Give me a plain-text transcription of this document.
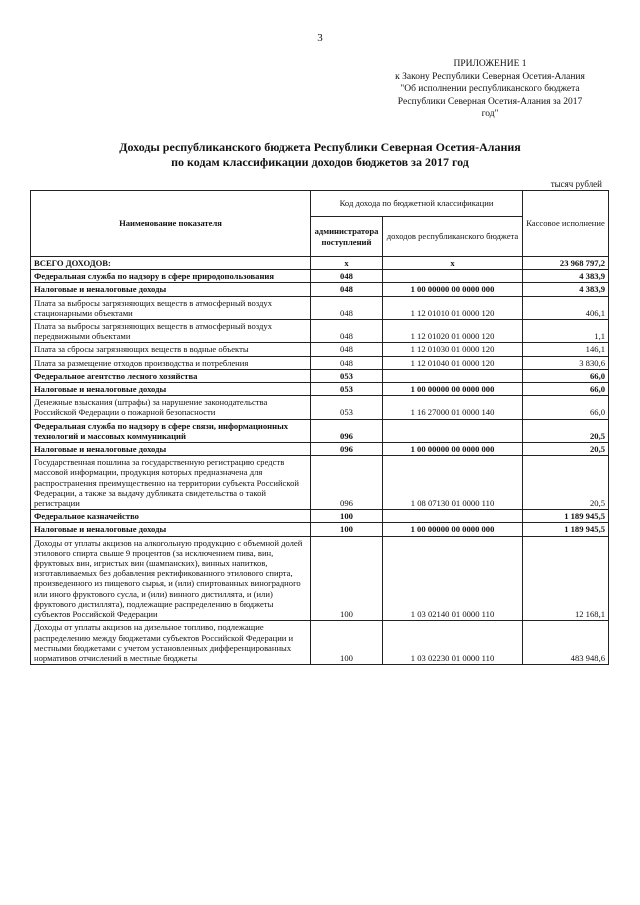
3
ПРИЛОЖЕНИЕ 1
к Закону Республики Северная Осетия-Алания
"Об исполнении республиканского бюджета
Республики Северная Осетия-Алания за 2017
год"
Доходы республиканского бюджета Республики Северная Осетия-Алания
по кодам классификации доходов бюджетов за 2017 год
тысяч рублей
Наименование показателя	Код дохода по бюджетной классификации		Кассовое исполнение
	администратора поступлений	доходов республиканского бюджета	
ВСЕГО ДОХОДОВ:	x	x	23 968 797,2
Федеральная служба по надзору в сфере природопользования	048		4 383,9
Налоговые и неналоговые доходы	048	1 00 00000 00 0000 000	4 383,9
Плата за выбросы загрязняющих веществ в атмосферный воздух стационарными объектами	048	1 12 01010 01 0000 120	406,1
Плата за выбросы загрязняющих веществ в атмосферный воздух передвижными объектами	048	1 12 01020 01 0000 120	1,1
Плата за сбросы загрязняющих веществ в водные объекты	048	1 12 01030 01 0000 120	146,1
Плата за размещение отходов производства и потребления	048	1 12 01040 01 0000 120	3 830,6
Федеральное агентство лесного хозяйства	053		66,0
Налоговые и неналоговые доходы	053	1 00 00000 00 0000 000	66,0
Денежные взыскания (штрафы) за нарушение законодательства Российской Федерации о пожарной безопасности	053	1 16 27000 01 0000 140	66,0
Федеральная служба по надзору в сфере связи, информационных технологий и массовых коммуникаций	096		20,5
Налоговые и неналоговые доходы	096	1 00 00000 00 0000 000	20,5
Государственная пошлина за государственную регистрацию средств массовой информации, продукция которых предназначена для распространения преимущественно на территории субъекта Российской Федерации, а также за выдачу дубликата свидетельства о такой регистрации	096	1 08 07130 01 0000 110	20,5
Федеральное казначейство	100		1 189 945,5
Налоговые и неналоговые доходы	100	1 00 00000 00 0000 000	1 189 945,5
Доходы от уплаты акцизов на алкогольную продукцию с объемной долей этилового спирта свыше 9 процентов (за исключением пива, вин, фруктовых вин, игристых вин (шампанских), винных напитков, изготавливаемых без добавления ректификованного этилового спирта, произведенного из пищевого сырья, и (или) спиртованных виноградного или иного фруктового сусла, и (или) винного дистиллята, и (или) фруктового дистиллята), подлежащие распределению в бюджеты субъектов Российской Федерации	100	1 03 02140 01 0000 110	12 168,1
Доходы от уплаты акцизов на дизельное топливо, подлежащие распределению между бюджетами субъектов Российской Федерации и местными бюджетами с учетом установленных дифференцированных нормативов отчислений в местные бюджеты	100	1 03 02230 01 0000 110	483 948,6
